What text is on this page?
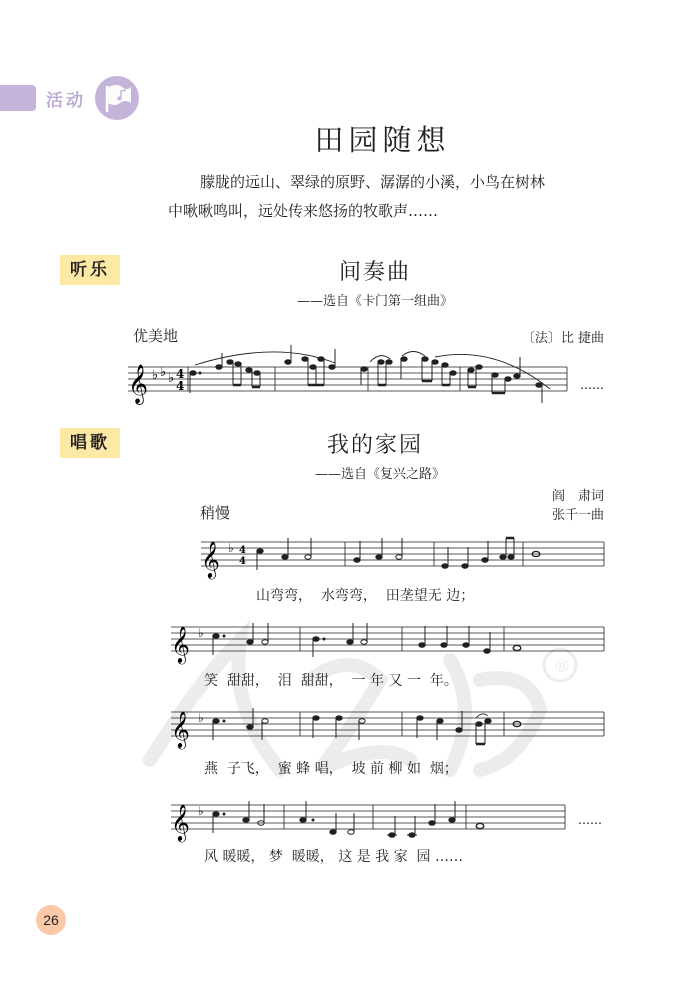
活动
田园随想

朦胧的远山、翠绿的原野、潺潺的小溪，小鸟在树林

中啾啾鸣叫，远处传来悠扬的牧歌声……

听乐	间奏曲
——选自《卡门第一组曲》
优美地	〔法〕比 捷曲
𝄞 ♭ ♭ ♭ 4
4	……
唱歌	我的家园
——选自《复兴之路》
阎　肃词
张千一曲
稍慢
®
𝄞 ♭ 4
4
山弯弯，  水弯弯，  田垄望无 边；
𝄞 ♭
笑  甜甜，  泪  甜甜，  一 年 又 一  年。
𝄞 ♭
燕  子飞，  蜜 蜂 唱，  坡 前 柳 如  烟；
𝄞 ♭
……
风 暖暖， 梦  暖暖， 这 是 我 家  园 ……
26
